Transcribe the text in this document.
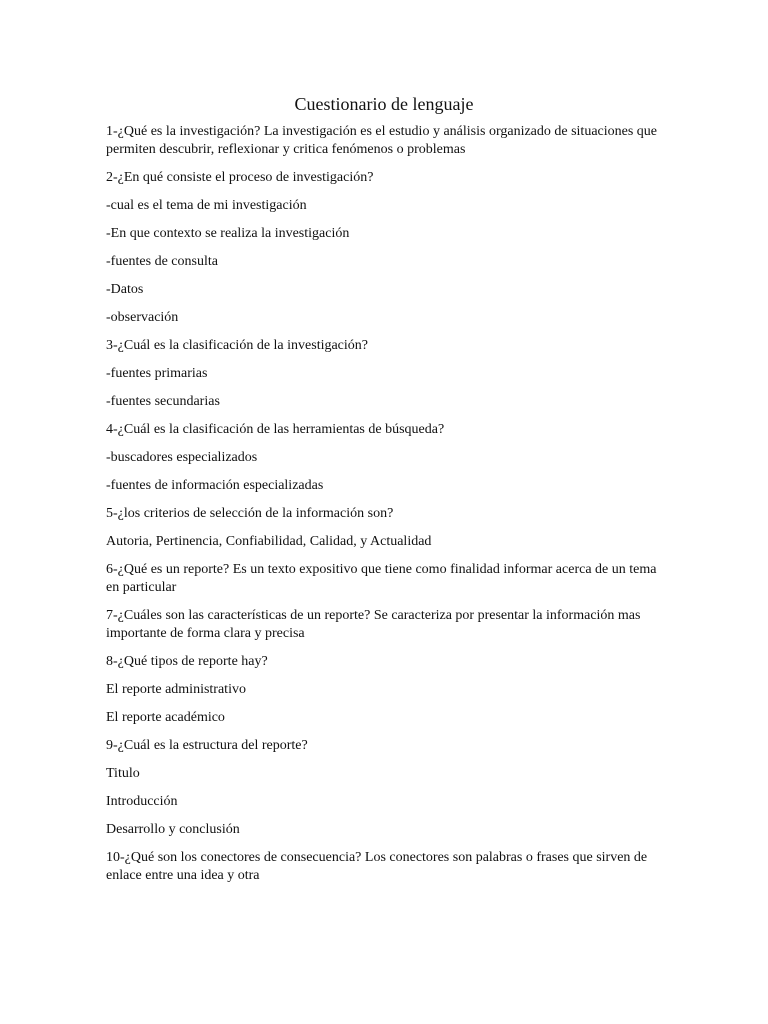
Cuestionario de lenguaje

1-¿Qué es la investigación? La investigación es el estudio y análisis organizado de situaciones que permiten descubrir, reflexionar y critica fenómenos o problemas

2-¿En qué consiste el proceso de investigación?

-cual es el tema de mi investigación

-En que contexto se realiza la investigación

-fuentes de consulta

-Datos

-observación

3-¿Cuál es la clasificación de la investigación?

-fuentes primarias

-fuentes secundarias

4-¿Cuál es la clasificación de las herramientas de búsqueda?

-buscadores especializados

-fuentes de información especializadas

5-¿los criterios de selección de la información son?

Autoria, Pertinencia, Confiabilidad, Calidad, y Actualidad

6-¿Qué es un reporte? Es un texto expositivo que tiene como finalidad informar acerca de un tema en particular

7-¿Cuáles son las características de un reporte? Se caracteriza por presentar la información mas importante de forma clara y precisa

8-¿Qué tipos de reporte hay?

El reporte administrativo

El reporte académico

9-¿Cuál es la estructura del reporte?

Titulo

Introducción

Desarrollo y conclusión

10-¿Qué son los conectores de consecuencia? Los conectores son palabras o frases que sirven de enlace entre una idea y otra
